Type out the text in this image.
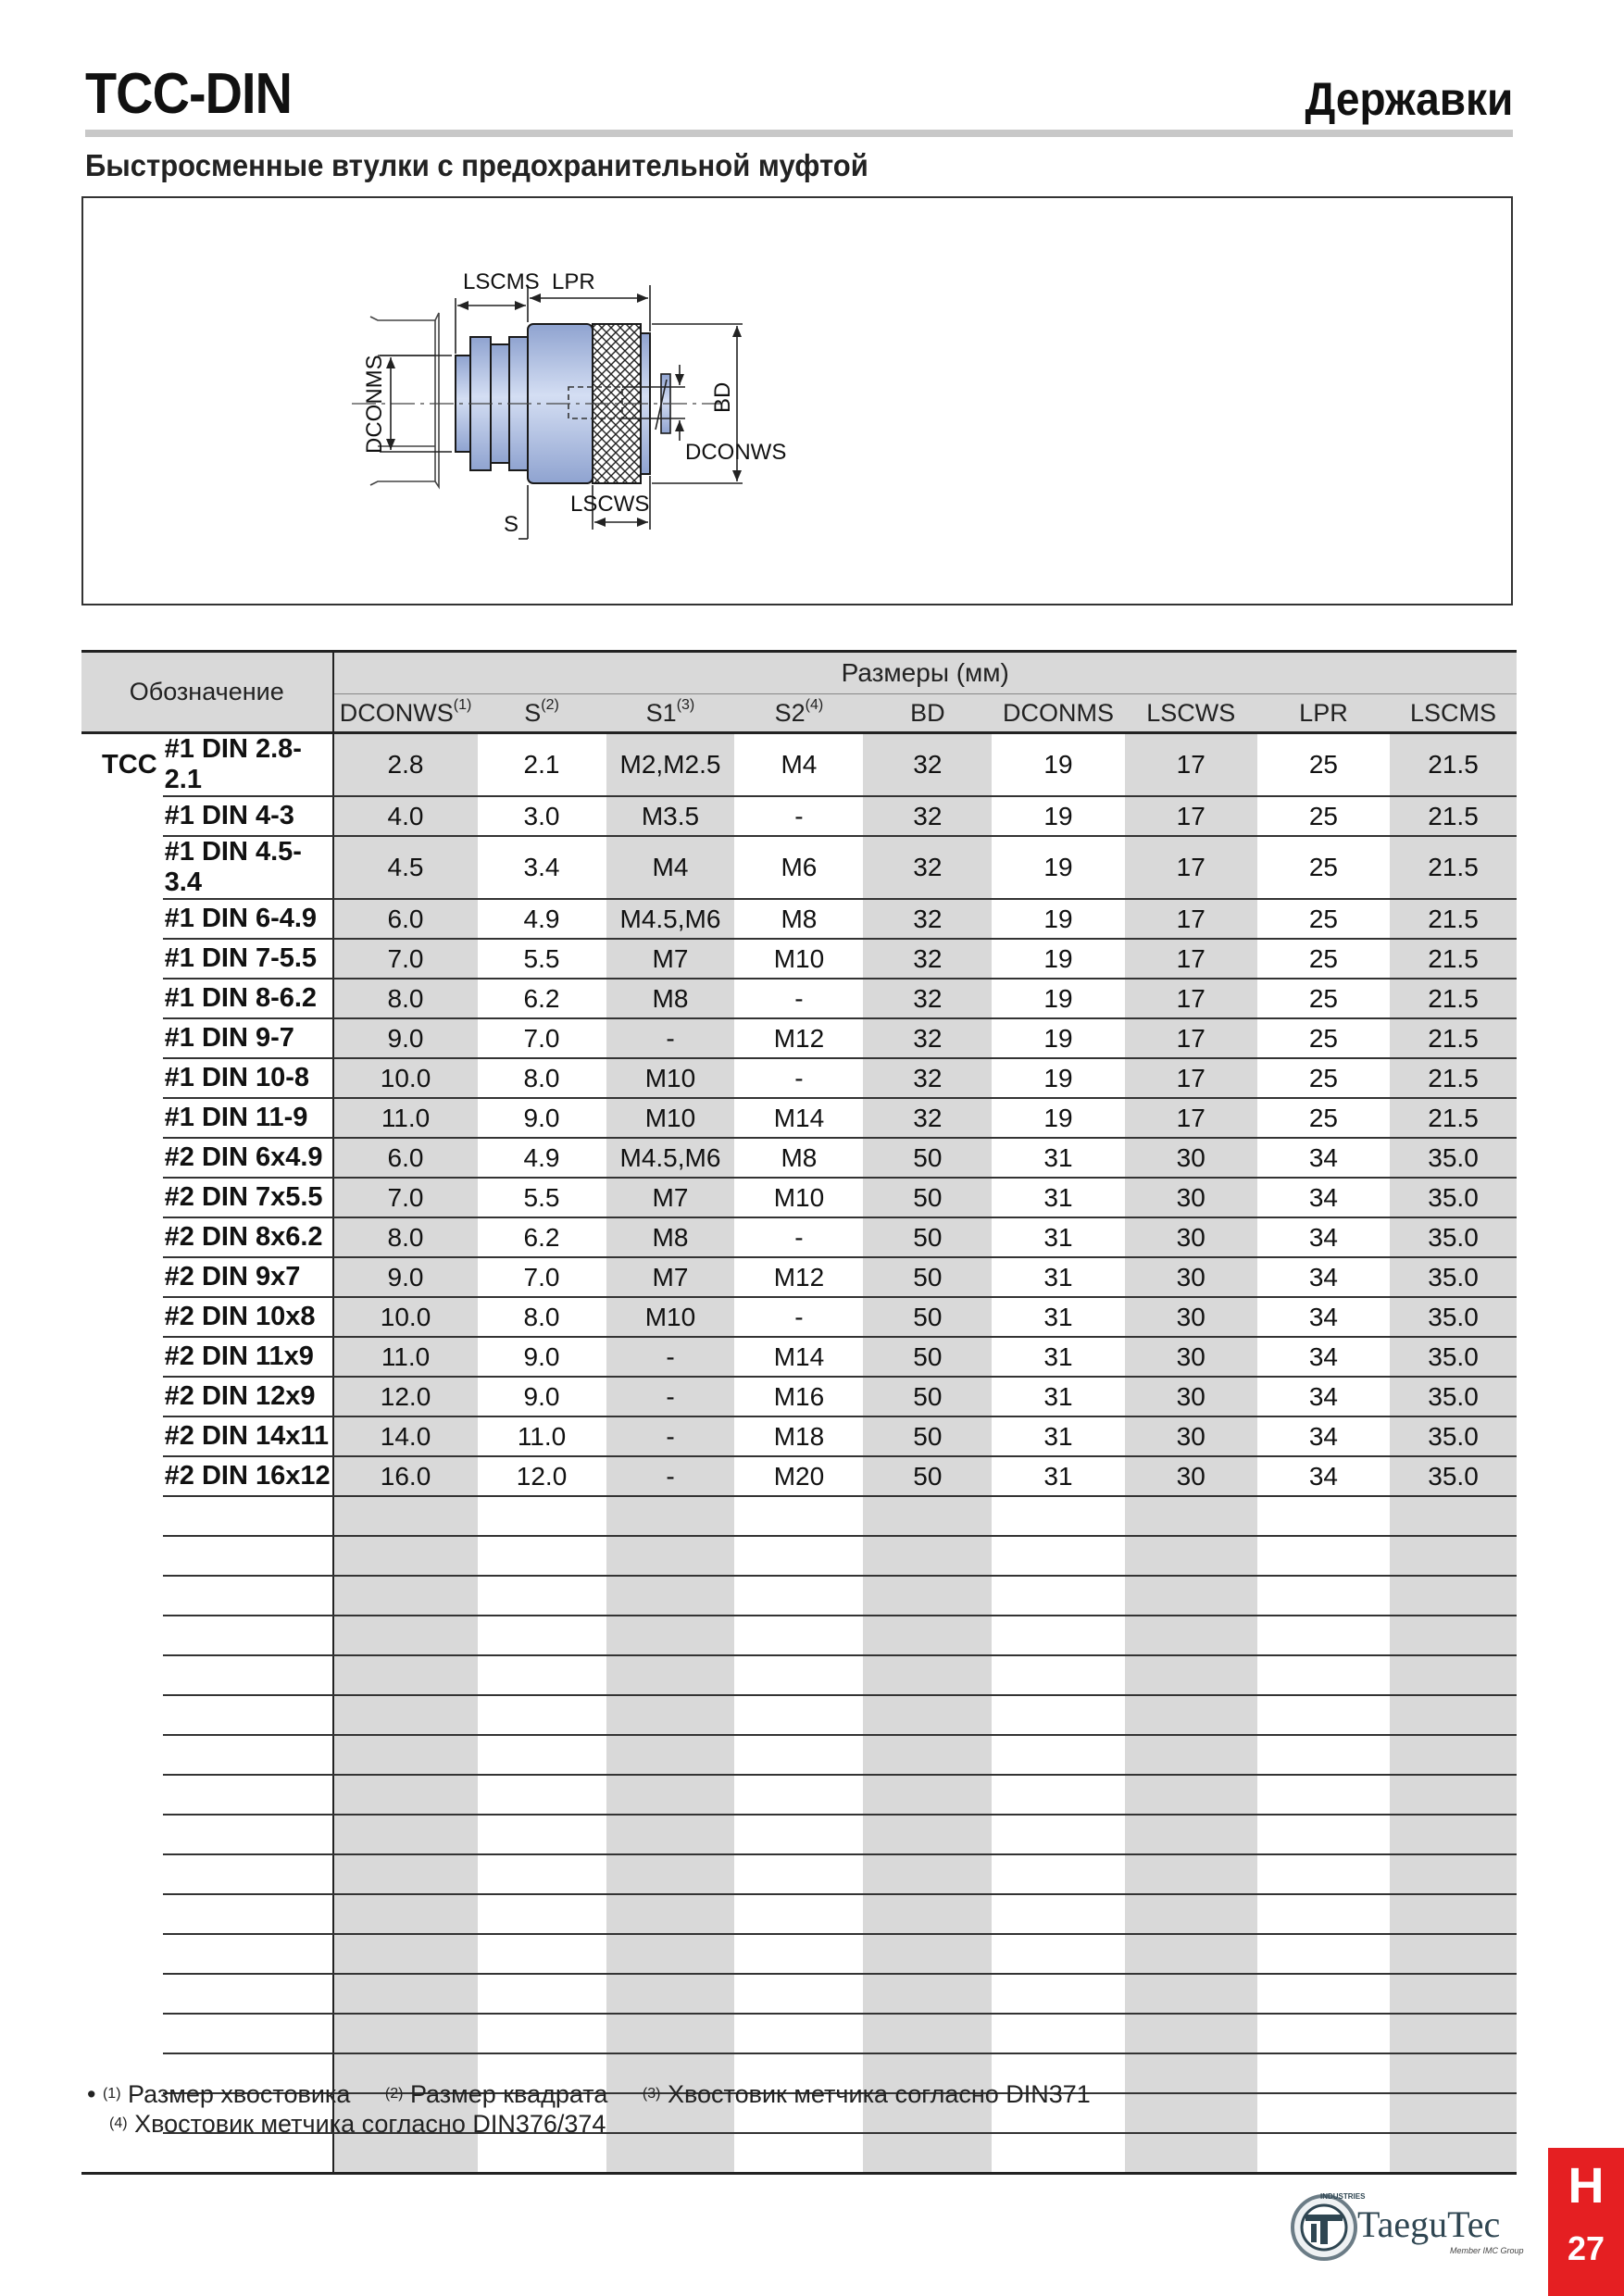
TCC-DIN	Державки
Быстросменные втулки с предохранительной муфтой
LSCMS LPR
DCONMS	BD
DCONWS
LSCWS
S
Обозначение		Размеры (мм)								
		DCONWS$^{(1)}$	$S^{(2)}$	S1$^{(3)}$	S2$^{(4)}$	BD	DCONMS	LSCWS	LPR	LSCMS
TCC	#1 DIN 2.8-2.1	2.8	2.1	M2,M2.5	M4	32	19	17	25	21.5
	#1 DIN 4-3	4.0	3.0	M3.5	-	32	19	17	25	21.5
	#1 DIN 4.5-3.4	4.5	3.4	M4	M6	32	19	17	25	21.5
	#1 DIN 6-4.9	6.0	4.9	M4.5,M6	M8	32	19	17	25	21.5
	#1 DIN 7-5.5	7.0	5.5	M7	M10	32	19	17	25	21.5
	#1 DIN 8-6.2	8.0	6.2	M8	-	32	19	17	25	21.5
	#1 DIN 9-7	9.0	7.0	-	M12	32	19	17	25	21.5
	#1 DIN 10-8	10.0	8.0	M10	-	32	19	17	25	21.5
	#1 DIN 11-9	11.0	9.0	M10	M14	32	19	17	25	21.5
	#2 DIN 6x4.9	6.0	4.9	M4.5,M6	M8	50	31	30	34	35.0
	#2 DIN 7x5.5	7.0	5.5	M7	M10	50	31	30	34	35.0
	#2 DIN 8x6.2	8.0	6.2	M8	-	50	31	30	34	35.0
	#2 DIN 9x7	9.0	7.0	M7	M12	50	31	30	34	35.0
	#2 DIN 10x8	10.0	8.0	M10	-	50	31	30	34	35.0
	#2 DIN 11x9	11.0	9.0	-	M14	50	31	30	34	35.0
	#2 DIN 12x9	12.0	9.0	-	M16	50	31	30	34	35.0
	#2 DIN 14x11	14.0	11.0	-	M18	50	31	30	34	35.0
	#2 DIN 16x12	16.0	12.0	-	M20	50	31	30	34	35.0

• $^{(1)}$ Размер хвостовика $^{(2)}$ Размер квадрата $^{(3)}$ Хвостовик метчика согласно DIN371
$^{(4)}$ Хвостовик метчика согласно DIN376/374
INDUSTRIES
TaeguTec
Member IMC Group
H
27
